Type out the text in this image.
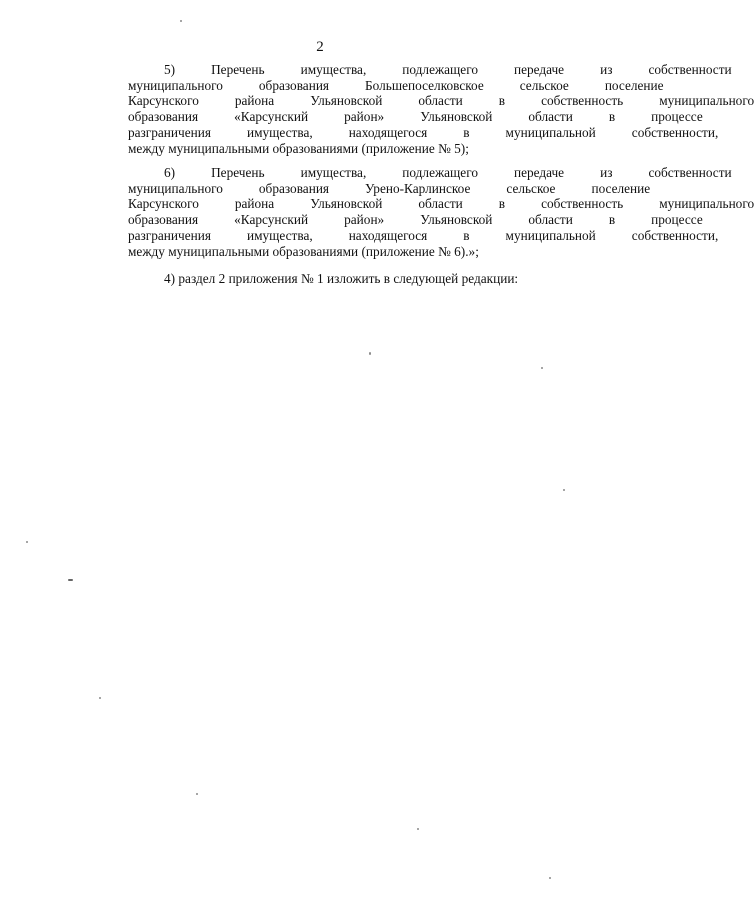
2
5)	Перечень	имущества,	подлежащего	передаче	из	собственности
муниципального	образования	Большепоселковское	сельское	поселение
Карсунского	района	Ульяновской	области	в	собственность	муниципального
образования	«Карсунский	район»	Ульяновской	области	в	процессе
разграничения	имущества,	находящегося	в	муниципальной	собственности,
между муниципальными образованиями (приложение № 5);
6)	Перечень	имущества,	подлежащего	передаче	из	собственности
муниципального	образования	Урено-Карлинское	сельское	поселение
Карсунского	района	Ульяновской	области	в	собственность	муниципального
образования	«Карсунский	район»	Ульяновской	области	в	процессе
разграничения	имущества,	находящегося	в	муниципальной	собственности,
между муниципальными образованиями (приложение № 6).»;
4) раздел 2 приложения № 1 изложить в следующей редакции:
